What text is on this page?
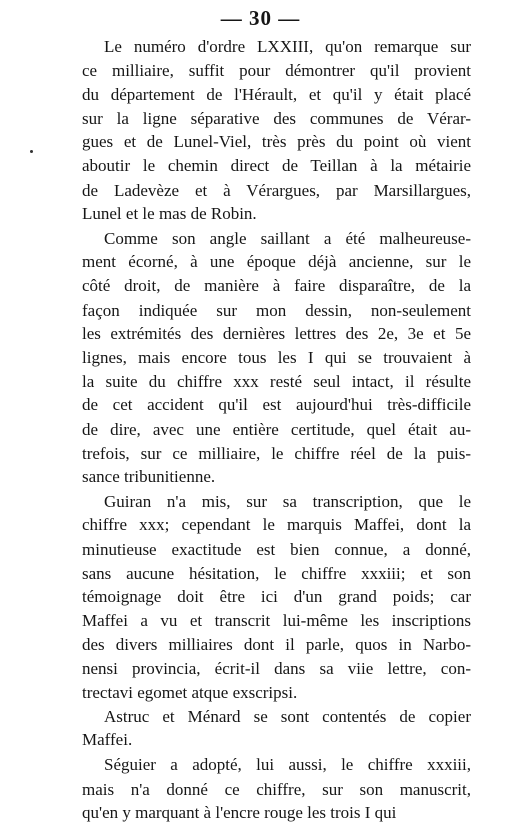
— 30 —
Le numéro d'ordre LXXIII, qu'on remarque sur
ce milliaire, suffit pour démontrer qu'il provient
du département de l'Hérault, et qu'il y était placé
sur la ligne séparative des communes de Vérar-
gues et de Lunel-Viel, très près du point où vient
aboutir le chemin direct de Teillan à la métairie
de Ladevèze et à Vérargues, par Marsillargues,
Lunel et le mas de Robin.
Comme son angle saillant a été malheureuse-
ment écorné, à une époque déjà ancienne, sur le
côté droit, de manière à faire disparaître, de la
façon indiquée sur mon dessin, non-seulement
les extrémités des dernières lettres des 2e, 3e et 5e
lignes, mais encore tous les I qui se trouvaient à
la suite du chiffre xxx resté seul intact, il résulte
de cet accident qu'il est aujourd'hui très-difficile
de dire, avec une entière certitude, quel était au-
trefois, sur ce milliaire, le chiffre réel de la puis-
sance tribunitienne.
Guiran n'a mis, sur sa transcription, que le
chiffre xxx; cependant le marquis Maffei, dont la
minutieuse exactitude est bien connue, a donné,
sans aucune hésitation, le chiffre xxxiii; et son
témoignage doit être ici d'un grand poids; car
Maffei a vu et transcrit lui-même les inscriptions
des divers milliaires dont il parle, quos in Narbo-
nensi provincia, écrit-il dans sa viie lettre, con-
trectavi egomet atque exscripsi.
Astruc et Ménard se sont contentés de copier
Maffei.
Séguier a adopté, lui aussi, le chiffre xxxiii,
mais n'a donné ce chiffre, sur son manuscrit,
qu'en y marquant à l'encre rouge les trois I qui
